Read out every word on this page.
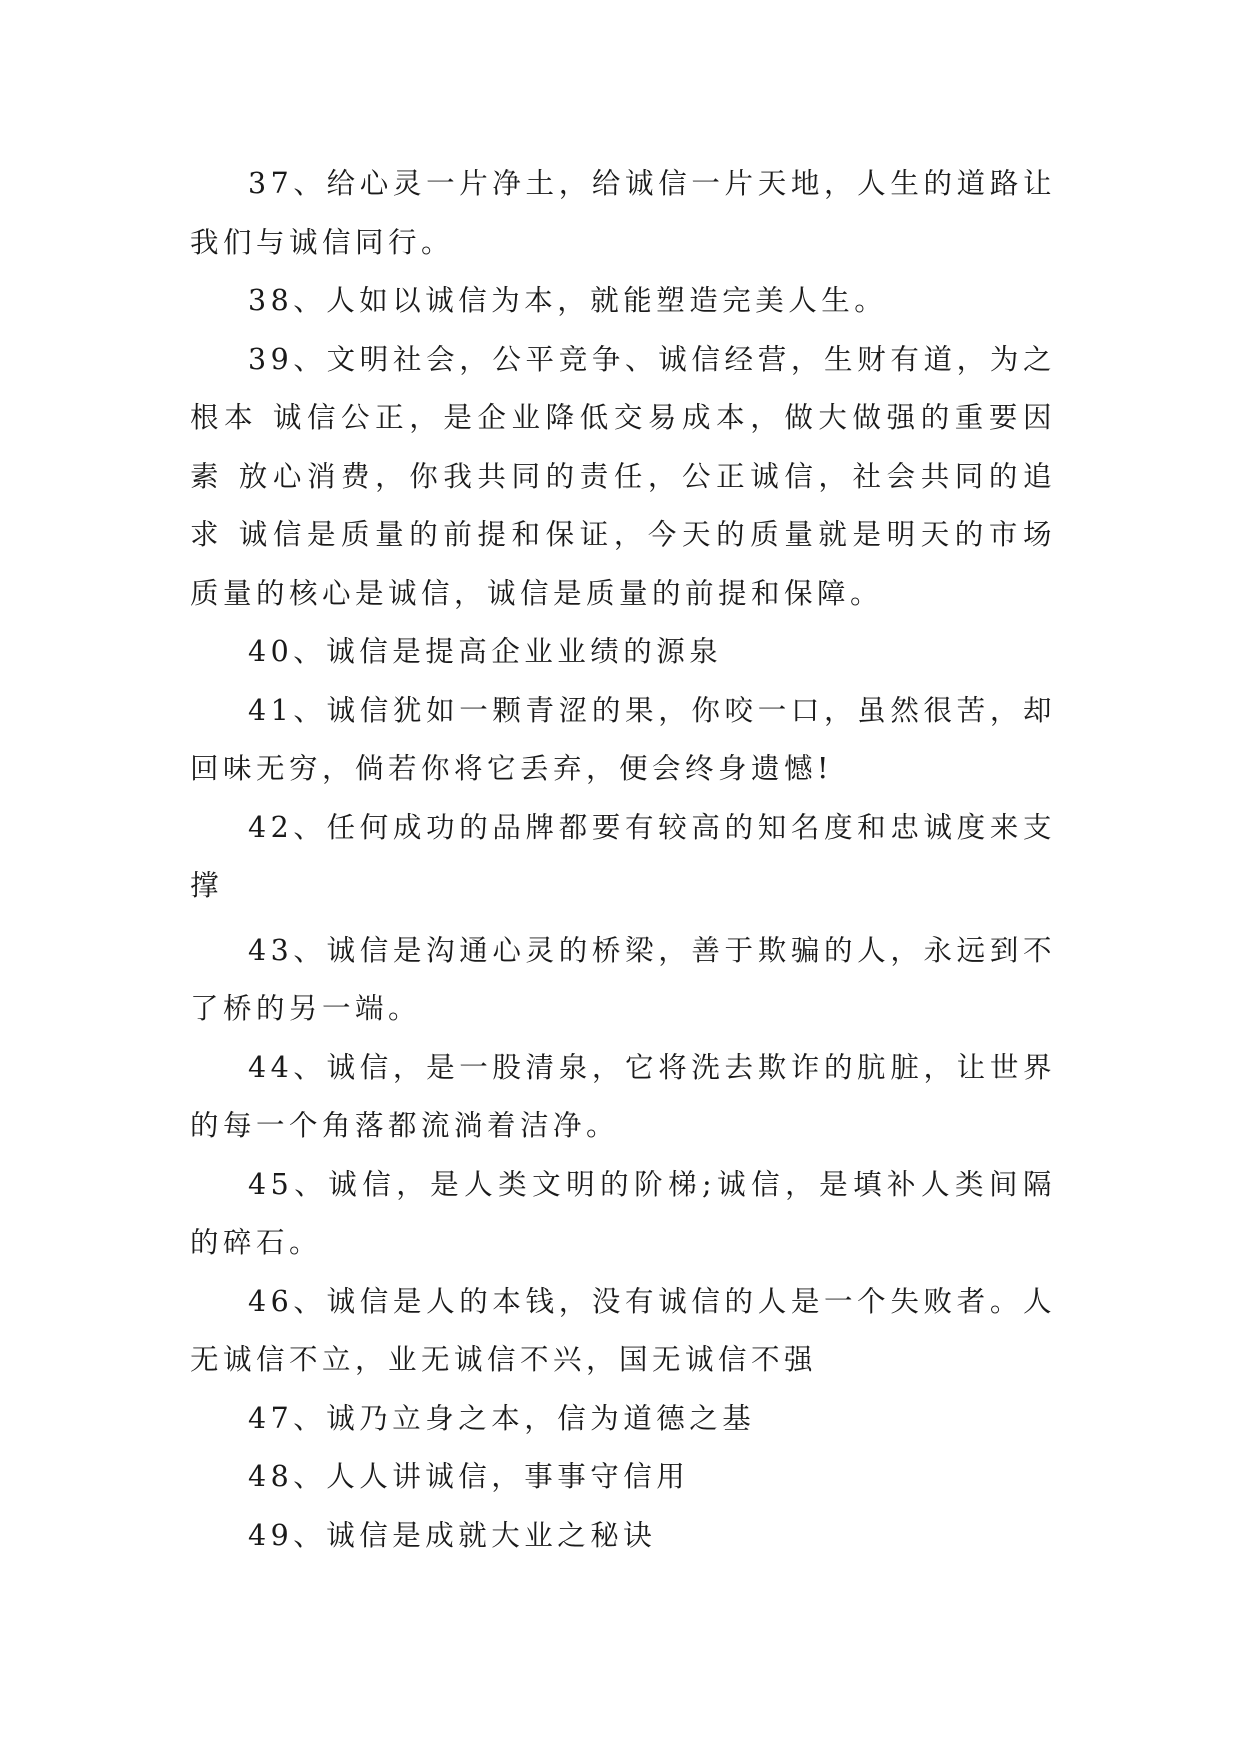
37、给心灵一片净土，给诚信一片天地，人生的道路让我们与诚信同行。

38、人如以诚信为本，就能塑造完美人生。

39、文明社会，公平竞争、诚信经营，生财有道，为之根本 诚信公正，是企业降低交易成本，做大做强的重要因素 放心消费，你我共同的责任，公正诚信，社会共同的追求 诚信是质量的前提和保证，今天的质量就是明天的市场质量的核心是诚信，诚信是质量的前提和保障。

40、诚信是提高企业业绩的源泉

41、诚信犹如一颗青涩的果，你咬一口，虽然很苦，却回味无穷，倘若你将它丢弃，便会终身遗憾!

42、任何成功的品牌都要有较高的知名度和忠诚度来支撑

43、诚信是沟通心灵的桥梁，善于欺骗的人，永远到不了桥的另一端。

44、诚信，是一股清泉，它将洗去欺诈的肮脏，让世界的每一个角落都流淌着洁净。

45、诚信，是人类文明的阶梯;诚信，是填补人类间隔的碎石。

46、诚信是人的本钱，没有诚信的人是一个失败者。人无诚信不立，业无诚信不兴，国无诚信不强

47、诚乃立身之本，信为道德之基

48、人人讲诚信，事事守信用

49、诚信是成就大业之秘诀
